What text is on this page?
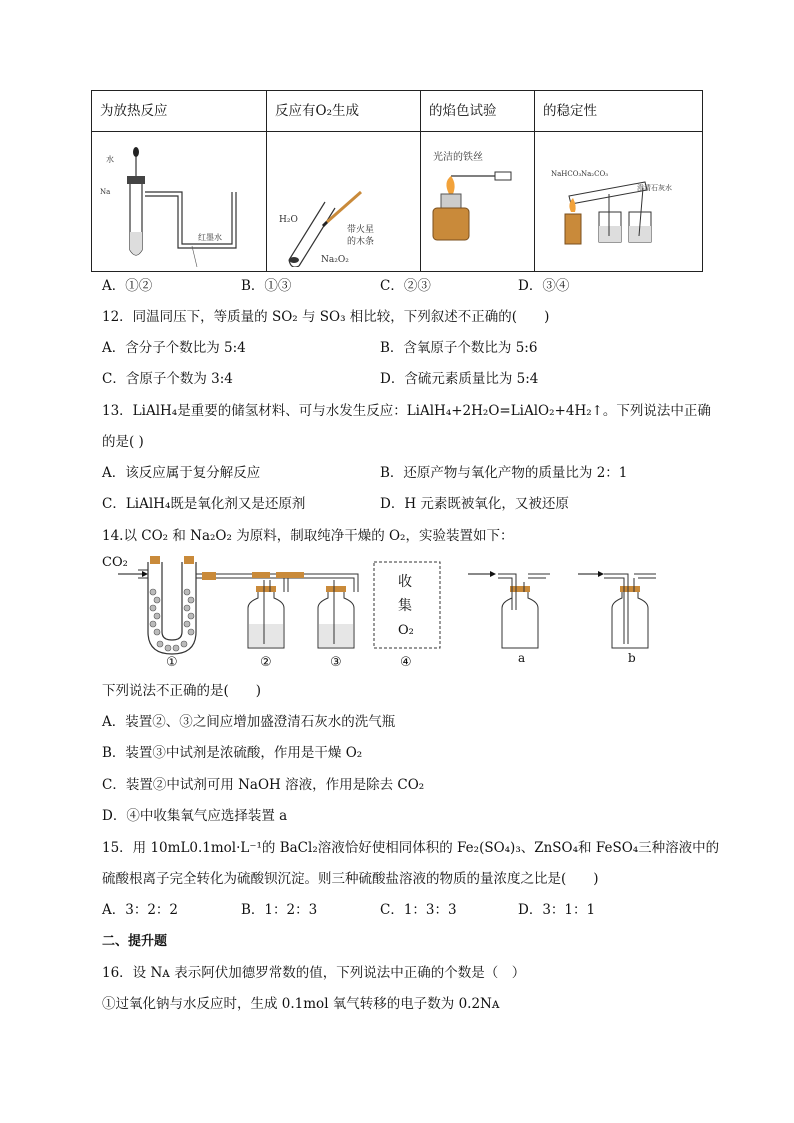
为放热反应	反应有O₂生成	的焰色试验	的稳定性

水
Na
红墨水	H₂O
带火星
的木条
Na₂O₂	光洁的铁丝	NaHCO₃ Na₂CO₃
澄清石灰水
A．①②	B．①③	C．②③	D．③④
12．同温同压下，等质量的 SO₂ 与 SO₃ 相比较，下列叙述不正确的(　　)
A．含分子个数比为 5:4	B．含氧原子个数比为 5:6
C．含原子个数为 3:4	D．含硫元素质量比为 5:4
13．LiAlH₄是重要的储氢材料、可与水发生反应：LiAlH₄+2H₂O=LiAlO₂+4H₂↑。下列说法中正确
的是( )
A．该反应属于复分解反应	B．还原产物与氧化产物的质量比为 2：1
C．LiAlH₄既是氧化剂又是还原剂	D．H 元素既被氧化，又被还原
14.以 CO₂ 和 Na₂O₂ 为原料，制取纯净干燥的 O₂，实验装置如下：
CO₂
收
集
O₂
①	②	③	④	a	b
下列说法不正确的是(　　)
A．装置②、③之间应增加盛澄清石灰水的洗气瓶
B．装置③中试剂是浓硫酸，作用是干燥 O₂
C．装置②中试剂可用 NaOH 溶液，作用是除去 CO₂
D．④中收集氧气应选择装置 a
15．用 10mL0.1mol·L⁻¹的 BaCl₂溶液恰好使相同体积的 Fe₂(SO₄)₃、ZnSO₄和 FeSO₄三种溶液中的
硫酸根离子完全转化为硫酸钡沉淀。则三种硫酸盐溶液的物质的量浓度之比是(　　)
A．3：2：2	B．1：2：3	C．1：3：3	D．3：1：1
二、提升题
16．设 Nᴀ 表示阿伏加德罗常数的值，下列说法中正确的个数是（　）
①过氧化钠与水反应时，生成 0.1mol 氧气转移的电子数为 0.2Nᴀ
